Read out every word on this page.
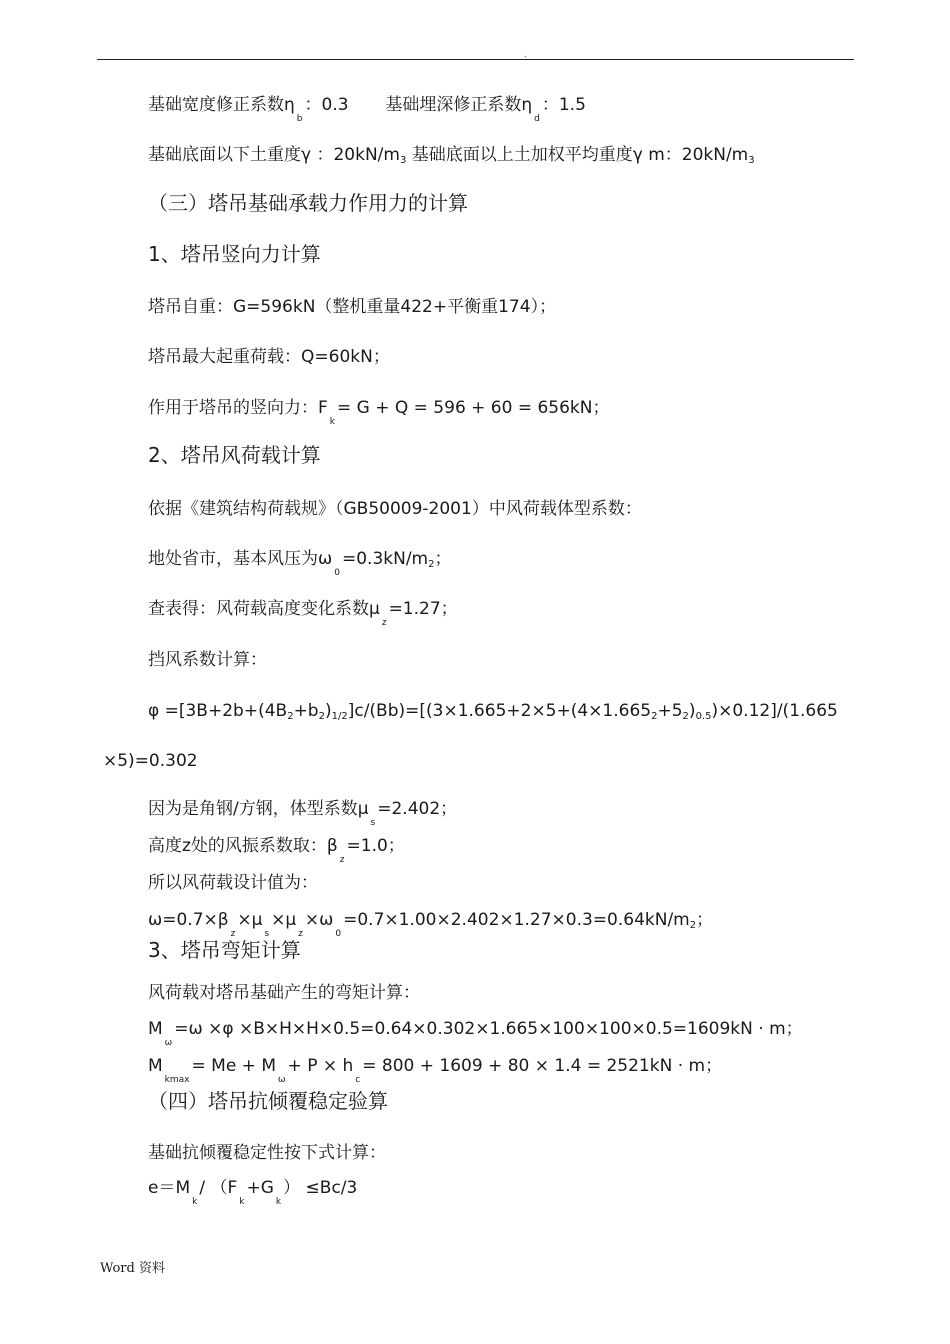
.
基础宽度修正系数$\eta_b$：0.3 基础埋深修正系数$\eta_d$：1.5
基础底面以下土重度γ ：20kN/m3 基础底面以上土加权平均重度γ m：20kN/m3
（三）塔吊基础承载力作用力的计算
1、塔吊竖向力计算
塔吊自重：G=596kN（整机重量422+平衡重174）；
塔吊最大起重荷载：Q=60kN；
作用于塔吊的竖向力：$F_k= G + Q = 596 + 60 = 656kN$；
2、塔吊风荷载计算
依据《建筑结构荷载规》（GB50009-2001）中风荷载体型系数：
地处省市，基本风压为$\omega_0=0.3kN/m2$；
查表得：风荷载高度变化系数$\mu_z=1.27$；
挡风系数计算：
φ =[3B+2b+(4B2+b2)1/2]c/(Bb)=[(3×1.665+2×5+(4×1.6652+52)0.5)×0.12]/(1.665
×5)=0.302
因为是角钢/方钢，体型系数$\mu_s=2.402$；
高度z处的风振系数取：$\beta_z=1.0$；
所以风荷载设计值为：
$\omega=0.7\times\beta_z\times\mu_s\times\mu_z\times\omega_0=0.7\times 1.00\times 2.402\times 1.27\times 0.3=0.64kN/m2$；
3、塔吊弯矩计算
风荷载对塔吊基础产生的弯矩计算：
$M_\omega=\omega \times\varphi \times B\times H\times H\times 0.5=0.64\times 0.302\times 1.665\times 100\times 100\times 0.5=1609kN \cdot m$；
$M_{kmax}= Me + M_\omega+ P \times h_c= 800 + 1609 + 80 \times 1.4 = 2521kN \cdot m$；
（四）塔吊抗倾覆稳定验算
基础抗倾覆稳定性按下式计算：
$e=M_k/$ $(F_k+G_k) \le Bc/3$
Word 资料
